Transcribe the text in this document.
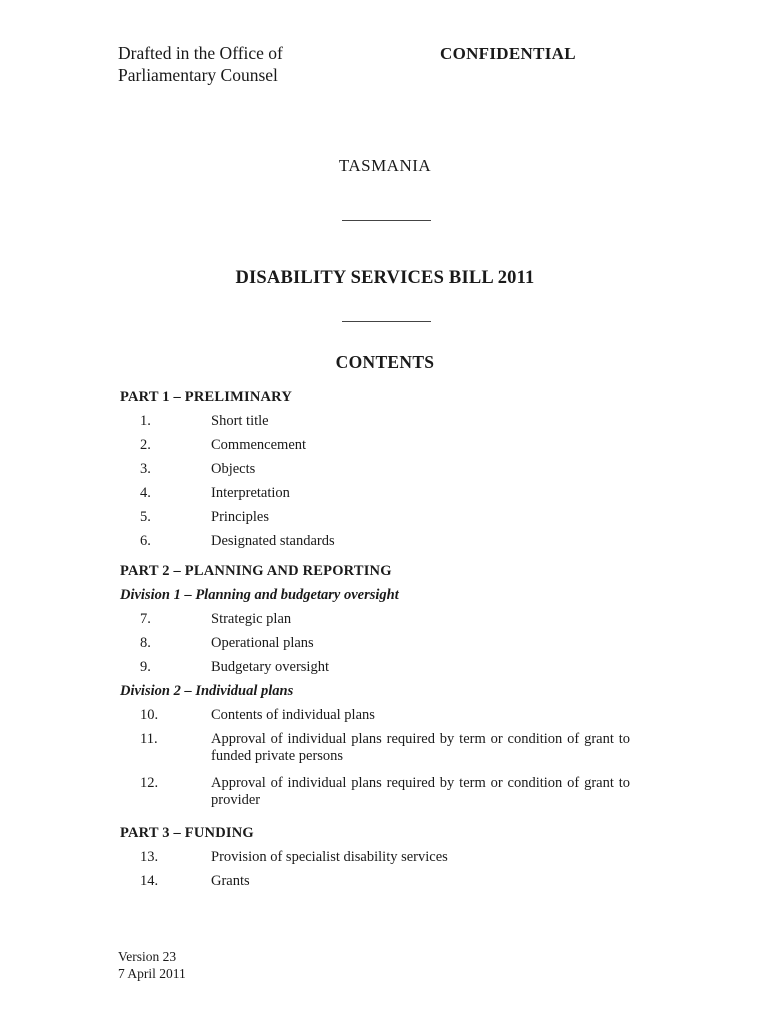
Drafted in the Office of
Parliamentary Counsel
CONFIDENTIAL
TASMANIA
DISABILITY SERVICES BILL 2011
CONTENTS
PART 1 – PRELIMINARY
1.	Short title
2.	Commencement
3.	Objects
4.	Interpretation
5.	Principles
6.	Designated standards
PART 2 – PLANNING AND REPORTING
Division 1 – Planning and budgetary oversight
7.	Strategic plan
8.	Operational plans
9.	Budgetary oversight
Division 2 – Individual plans
10.	Contents of individual plans
11.	Approval of individual plans required by term or condition of grant to funded private persons
12.	Approval of individual plans required by term or condition of grant to provider
PART 3 – FUNDING
13.	Provision of specialist disability services
14.	Grants
Version 23
7 April 2011
